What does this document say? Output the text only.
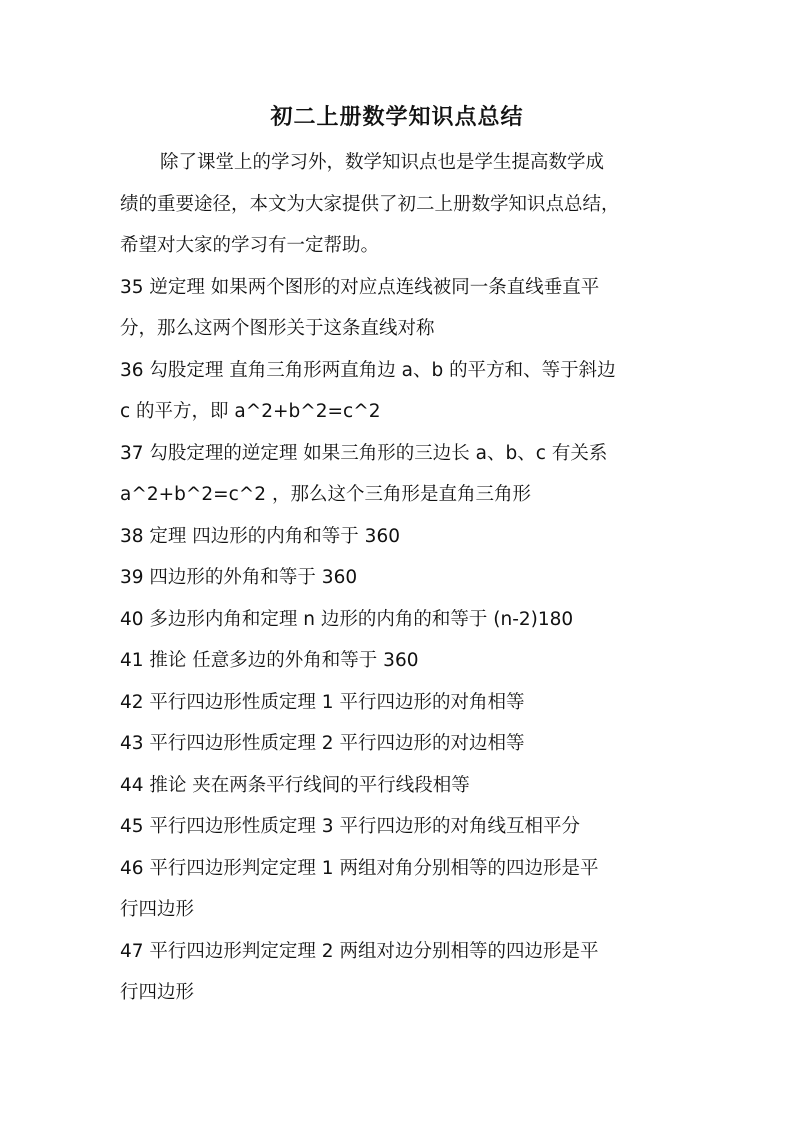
初二上册数学知识点总结
除了课堂上的学习外，数学知识点也是学生提高数学成
绩的重要途径，本文为大家提供了初二上册数学知识点总结，
希望对大家的学习有一定帮助。
35 逆定理 如果两个图形的对应点连线被同一条直线垂直平
分，那么这两个图形关于这条直线对称
36 勾股定理 直角三角形两直角边 a、b 的平方和、等于斜边
c 的平方，即 a^2+b^2=c^2
37 勾股定理的逆定理 如果三角形的三边长 a、b、c 有关系
a^2+b^2=c^2 ，那么这个三角形是直角三角形
38 定理 四边形的内角和等于 360
39 四边形的外角和等于 360
40 多边形内角和定理 n 边形的内角的和等于 (n-2)180
41 推论 任意多边的外角和等于 360
42 平行四边形性质定理 1 平行四边形的对角相等
43 平行四边形性质定理 2 平行四边形的对边相等
44 推论 夹在两条平行线间的平行线段相等
45 平行四边形性质定理 3 平行四边形的对角线互相平分
46 平行四边形判定定理 1 两组对角分别相等的四边形是平
行四边形
47 平行四边形判定定理 2 两组对边分别相等的四边形是平
行四边形
